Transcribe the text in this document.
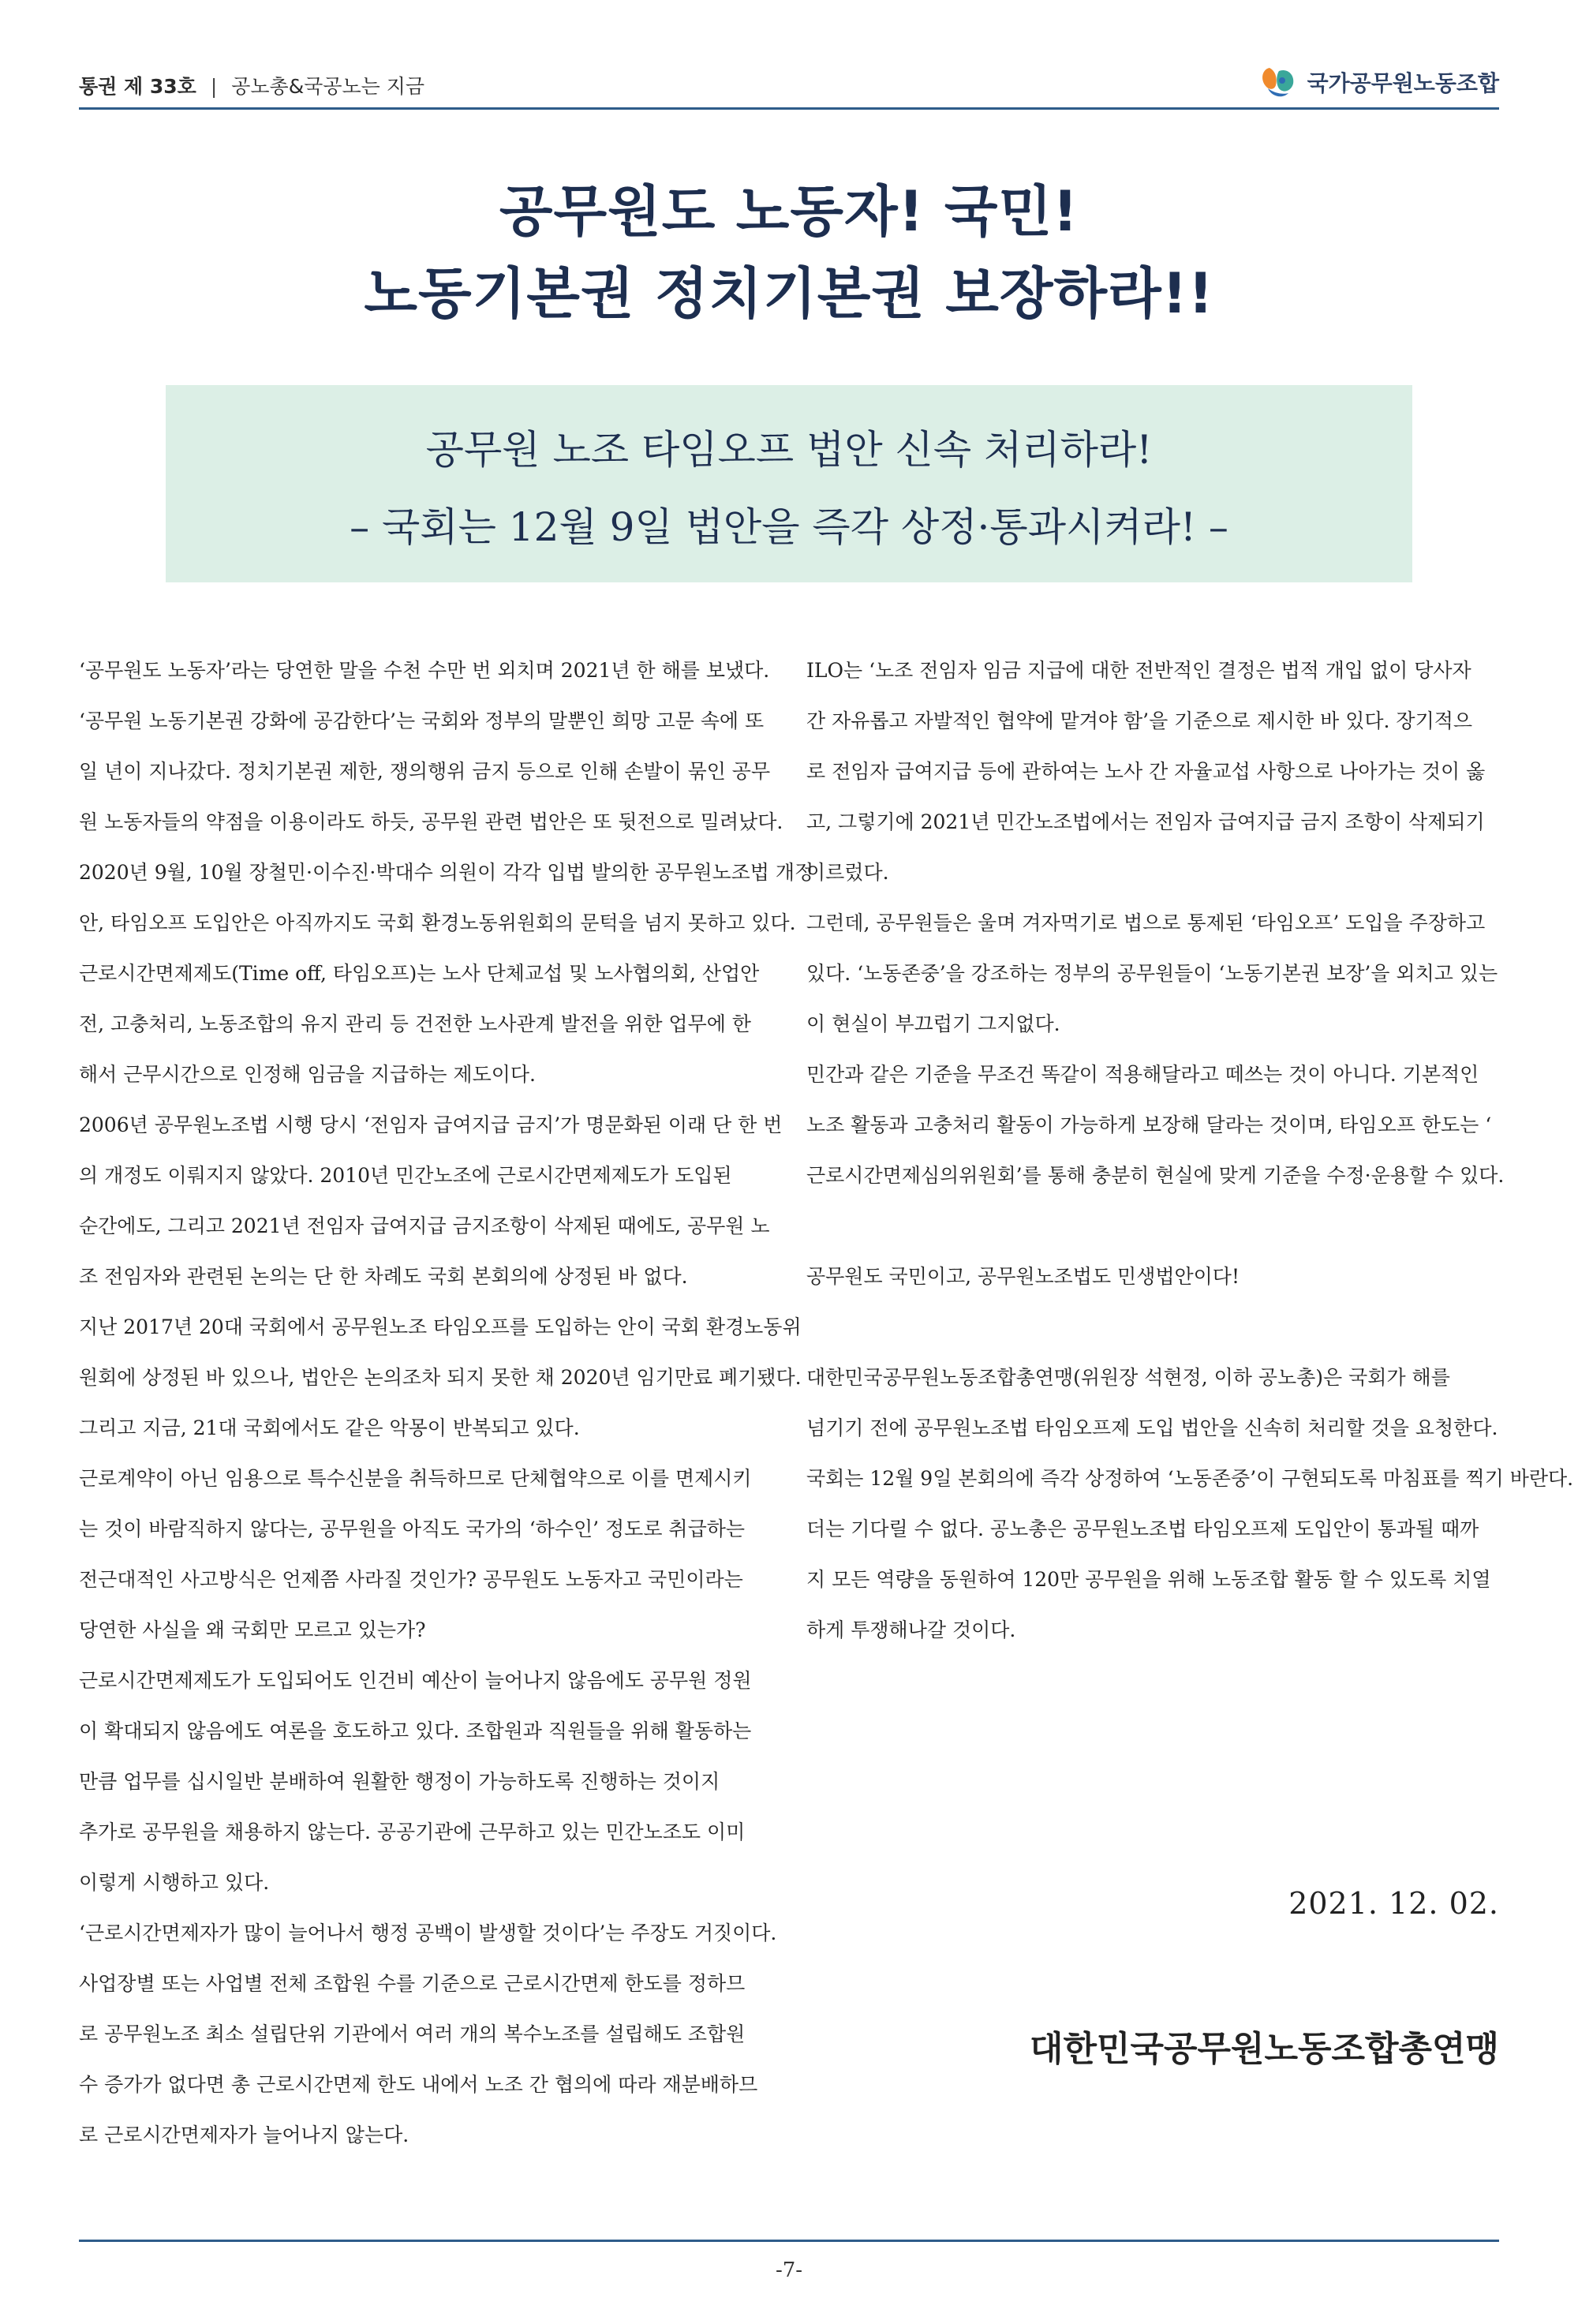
통권 제 33호 | 공노총&국공노는 지금	국가공무원노동조합
공무원도 노동자! 국민!
노동기본권 정치기본권 보장하라!!
공무원 노조 타임오프 법안 신속 처리하라!
– 국회는 12월 9일 법안을 즉각 상정·통과시켜라! –

‘공무원도 노동자’라는 당연한 말을 수천 수만 번 외치며 2021년 한 해를 보냈다.

‘공무원 노동기본권 강화에 공감한다’는 국회와 정부의 말뿐인 희망 고문 속에 또

일 년이 지나갔다. 정치기본권 제한, 쟁의행위 금지 등으로 인해 손발이 묶인 공무

원 노동자들의 약점을 이용이라도 하듯, 공무원 관련 법안은 또 뒷전으로 밀려났다.

2020년 9월, 10월 장철민·이수진·박대수 의원이 각각 입법 발의한 공무원노조법 개정

안, 타임오프 도입안은 아직까지도 국회 환경노동위원회의 문턱을 넘지 못하고 있다.

근로시간면제제도(Time off, 타임오프)는 노사 단체교섭 및 노사협의회, 산업안

전, 고충처리, 노동조합의 유지 관리 등 건전한 노사관계 발전을 위한 업무에 한

해서 근무시간으로 인정해 임금을 지급하는 제도이다.

2006년 공무원노조법 시행 당시 ‘전임자 급여지급 금지’가 명문화된 이래 단 한 번

의 개정도 이뤄지지 않았다. 2010년 민간노조에 근로시간면제제도가 도입된

순간에도, 그리고 2021년 전임자 급여지급 금지조항이 삭제된 때에도, 공무원 노

조 전임자와 관련된 논의는 단 한 차례도 국회 본회의에 상정된 바 없다.

지난 2017년 20대 국회에서 공무원노조 타임오프를 도입하는 안이 국회 환경노동위

원회에 상정된 바 있으나, 법안은 논의조차 되지 못한 채 2020년 임기만료 폐기됐다.

그리고 지금, 21대 국회에서도 같은 악몽이 반복되고 있다.

근로계약이 아닌 임용으로 특수신분을 취득하므로 단체협약으로 이를 면제시키

는 것이 바람직하지 않다는, 공무원을 아직도 국가의 ‘하수인’ 정도로 취급하는

전근대적인 사고방식은 언제쯤 사라질 것인가? 공무원도 노동자고 국민이라는

당연한 사실을 왜 국회만 모르고 있는가?

근로시간면제제도가 도입되어도 인건비 예산이 늘어나지 않음에도 공무원 정원

이 확대되지 않음에도 여론을 호도하고 있다. 조합원과 직원들을 위해 활동하는

만큼 업무를 십시일반 분배하여 원활한 행정이 가능하도록 진행하는 것이지

추가로 공무원을 채용하지 않는다. 공공기관에 근무하고 있는 민간노조도 이미

이렇게 시행하고 있다.

‘근로시간면제자가 많이 늘어나서 행정 공백이 발생할 것이다’는 주장도 거짓이다.

사업장별 또는 사업별 전체 조합원 수를 기준으로 근로시간면제 한도를 정하므

로 공무원노조 최소 설립단위 기관에서 여러 개의 복수노조를 설립해도 조합원

수 증가가 없다면 총 근로시간면제 한도 내에서 노조 간 협의에 따라 재분배하므

로 근로시간면제자가 늘어나지 않는다.

ILO는 ‘노조 전임자 임금 지급에 대한 전반적인 결정은 법적 개입 없이 당사자

간 자유롭고 자발적인 협약에 맡겨야 함’을 기준으로 제시한 바 있다. 장기적으

로 전임자 급여지급 등에 관하여는 노사 간 자율교섭 사항으로 나아가는 것이 옳

고, 그렇기에 2021년 민간노조법에서는 전임자 급여지급 금지 조항이 삭제되기

이르렀다.

그런데, 공무원들은 울며 겨자먹기로 법으로 통제된 ‘타임오프’ 도입을 주장하고

있다. ‘노동존중’을 강조하는 정부의 공무원들이 ‘노동기본권 보장’을 외치고 있는

이 현실이 부끄럽기 그지없다.

민간과 같은 기준을 무조건 똑같이 적용해달라고 떼쓰는 것이 아니다. 기본적인

노조 활동과 고충처리 활동이 가능하게 보장해 달라는 것이며, 타임오프 한도는 ‘

근로시간면제심의위원회’를 통해 충분히 현실에 맞게 기준을 수정·운용할 수 있다.

공무원도 국민이고, 공무원노조법도 민생법안이다!

대한민국공무원노동조합총연맹(위원장 석현정, 이하 공노총)은 국회가 해를

넘기기 전에 공무원노조법 타임오프제 도입 법안을 신속히 처리할 것을 요청한다.

국회는 12월 9일 본회의에 즉각 상정하여 ‘노동존중’이 구현되도록 마침표를 찍기 바란다.

더는 기다릴 수 없다. 공노총은 공무원노조법 타임오프제 도입안이 통과될 때까

지 모든 역량을 동원하여 120만 공무원을 위해 노동조합 활동 할 수 있도록 치열

하게 투쟁해나갈 것이다.

2021. 12. 02.
대한민국공무원노동조합총연맹
-7-
